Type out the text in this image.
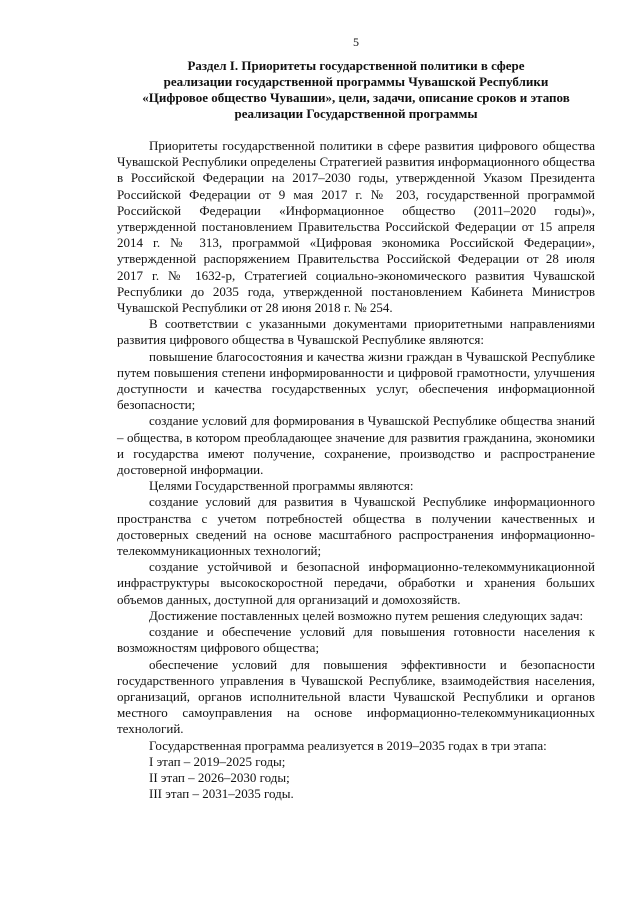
5
Раздел I. Приоритеты государственной политики в сфере
реализации государственной программы Чувашской Республики
«Цифровое общество Чувашии», цели, задачи, описание сроков и этапов
реализации Государственной программы

Приоритеты государственной политики в сфере развития цифрового общества Чувашской Республики определены Стратегией развития информационного общества в Российской Федерации на 2017–2030 годы, утвержденной Указом Президента Российской Федерации от 9 мая 2017 г. № 203, государственной программой Российской Федерации «Информационное общество (2011–2020 годы)», утвержденной постановлением Правительства Российской Федерации от 15 апреля 2014 г. № 313, программой «Цифровая экономика Российской Федерации», утвержденной распоряжением Правительства Российской Федерации от 28 июля 2017 г. № 1632-р, Стратегией социально-экономического развития Чувашской Республики до 2035 года, утвержденной постановлением Кабинета Министров Чувашской Республики от 28 июня 2018 г. № 254.

В соответствии с указанными документами приоритетными направлениями развития цифрового общества в Чувашской Республике являются:

повышение благосостояния и качества жизни граждан в Чувашской Республике путем повышения степени информированности и цифровой грамотности, улучшения доступности и качества государственных услуг, обеспечения информационной безопасности;

создание условий для формирования в Чувашской Республике общества знаний – общества, в котором преобладающее значение для развития гражданина, экономики и государства имеют получение, сохранение, производство и распространение достоверной информации.

Целями Государственной программы являются:

создание условий для развития в Чувашской Республике информационного пространства с учетом потребностей общества в получении качественных и достоверных сведений на основе масштабного распространения информационно-телекоммуникационных технологий;

создание устойчивой и безопасной информационно-телекоммуникационной инфраструктуры высокоскоростной передачи, обработки и хранения больших объемов данных, доступной для организаций и домохозяйств.

Достижение поставленных целей возможно путем решения следующих задач:

создание и обеспечение условий для повышения готовности населения к возможностям цифрового общества;

обеспечение условий для повышения эффективности и безопасности государственного управления в Чувашской Республике, взаимодействия населения, организаций, органов исполнительной власти Чувашской Республики и органов местного самоуправления на основе информационно-телекоммуникационных технологий.

Государственная программа реализуется в 2019–2035 годах в три этапа:

I этап – 2019–2025 годы;

II этап – 2026–2030 годы;

III этап – 2031–2035 годы.
